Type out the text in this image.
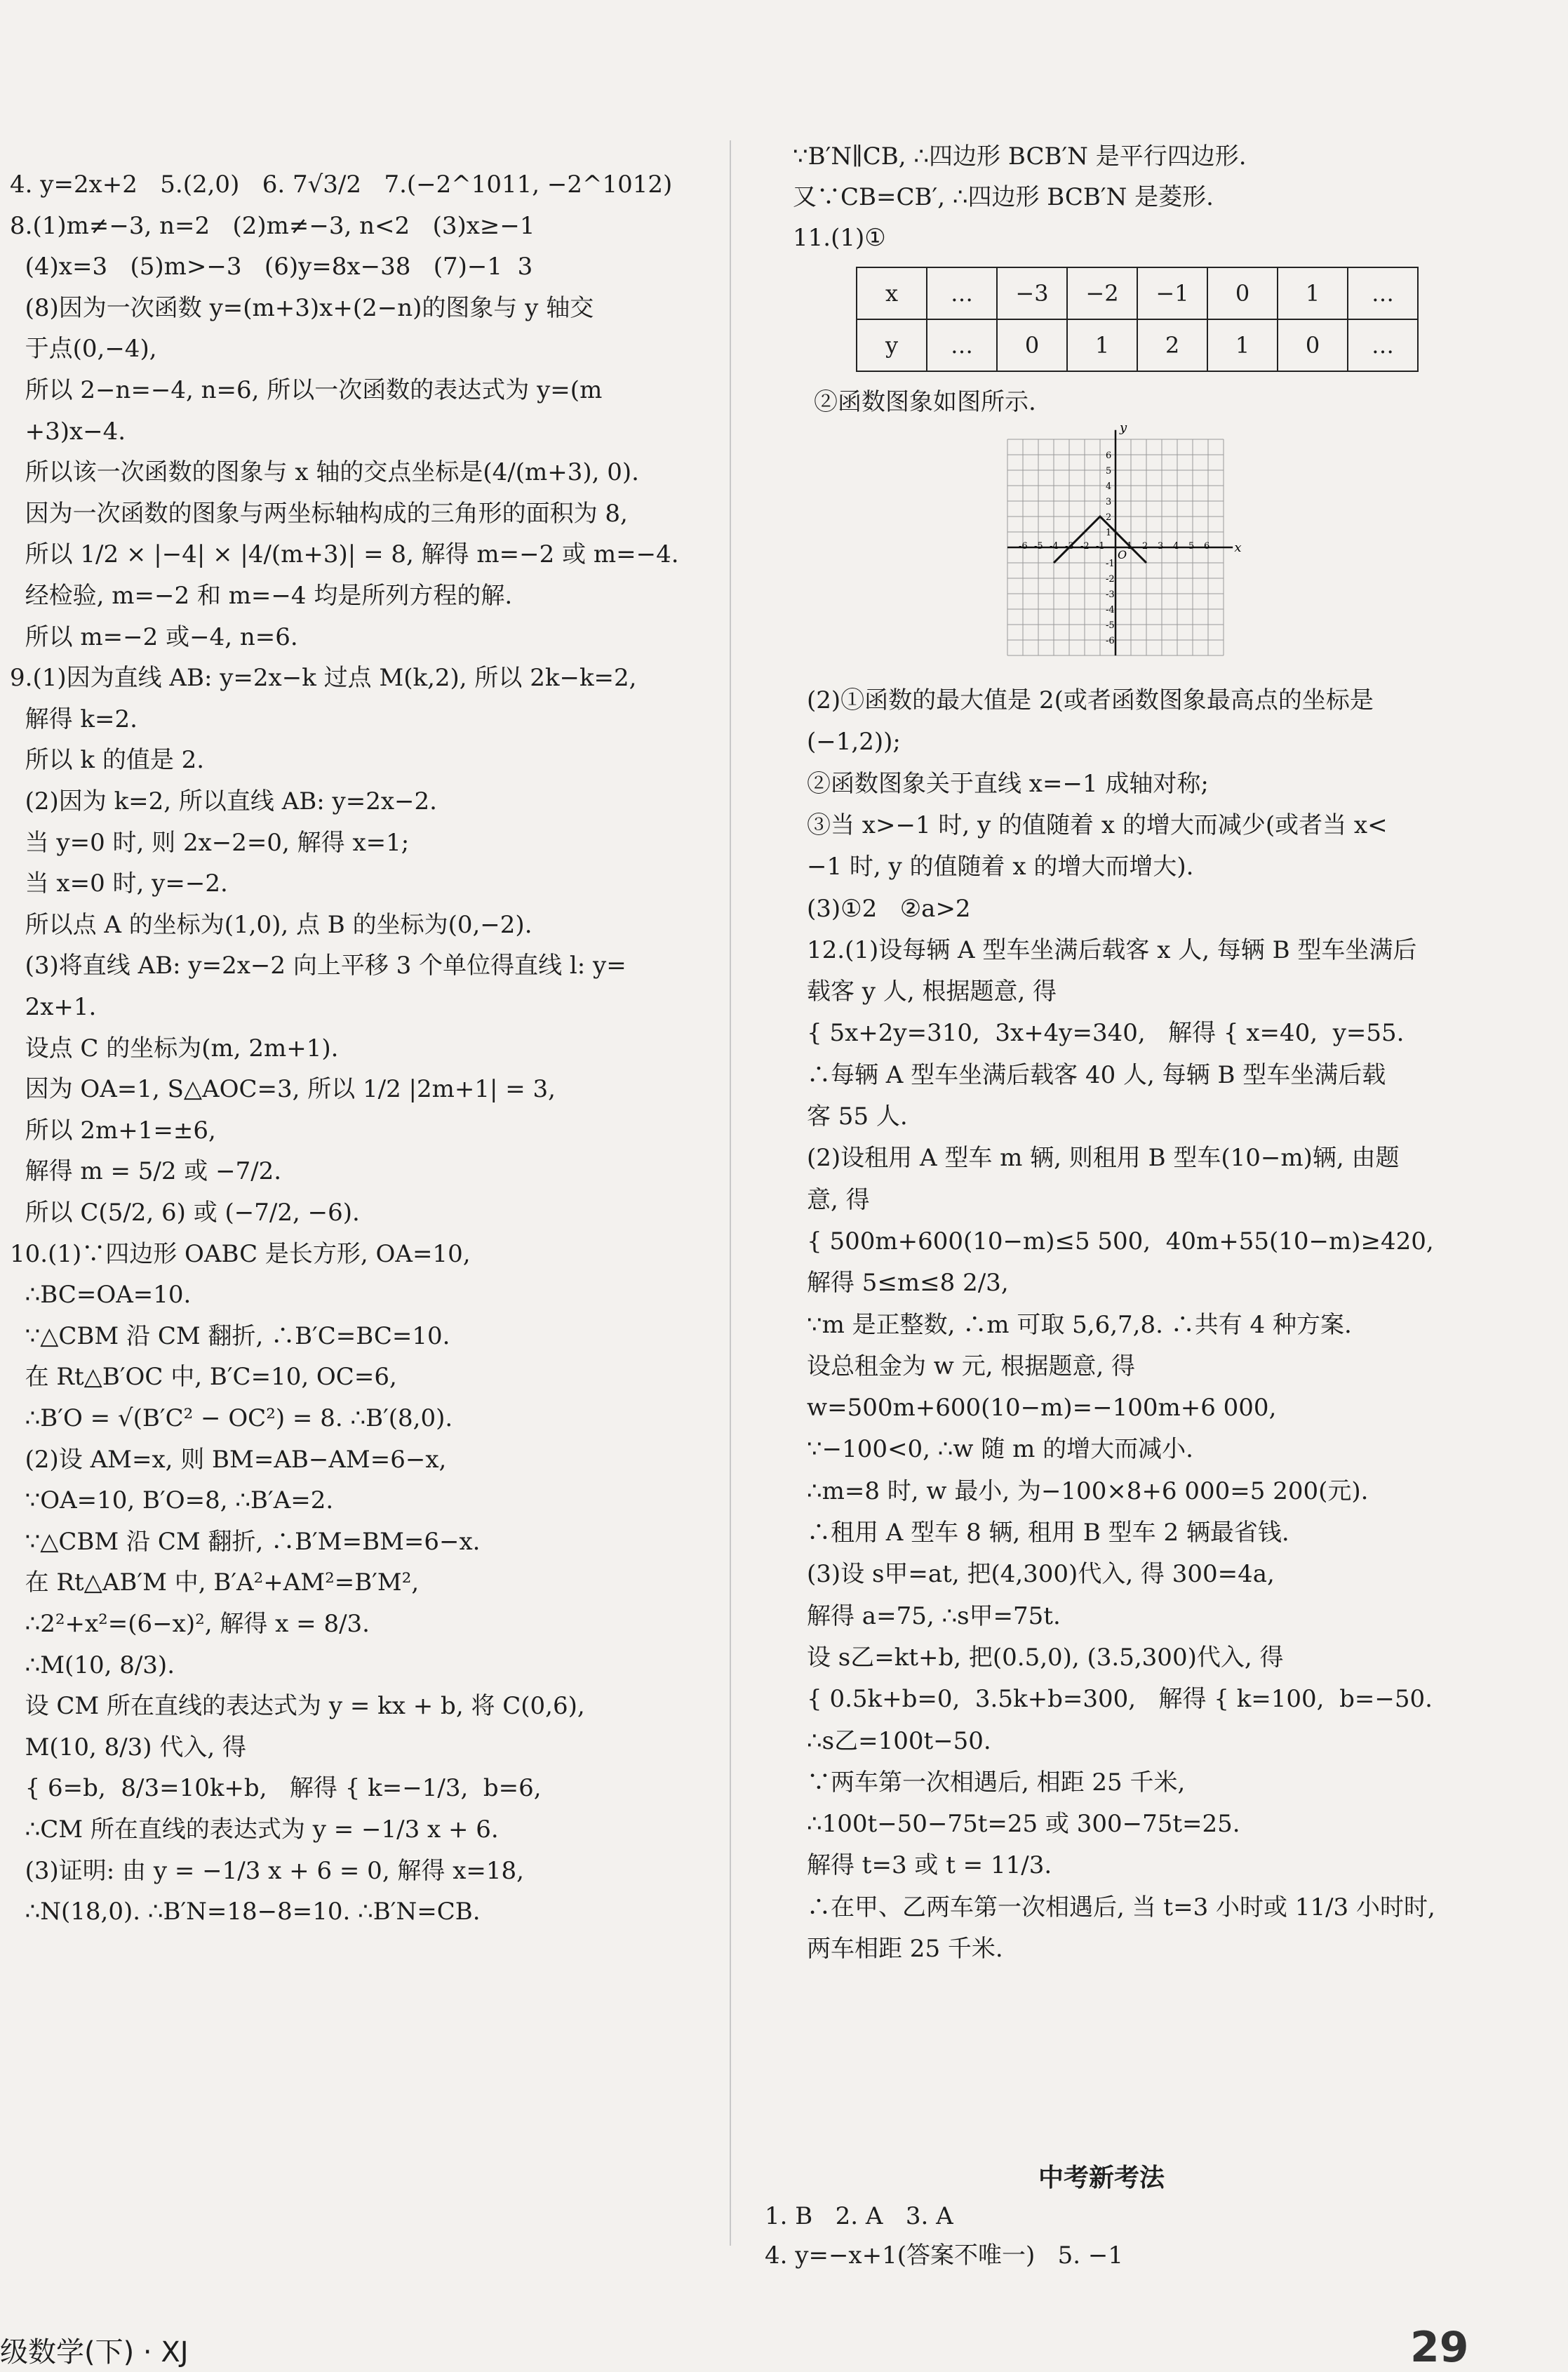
4. y=2x+2   5.(2,0)   6. 7√3/2   7.(−2^1011, −2^1012)
8.(1)m≠−3, n=2   (2)m≠−3, n<2   (3)x≥−1
(4)x=3   (5)m>−3   (6)y=8x−38   (7)−1  3
(8)因为一次函数 y=(m+3)x+(2−n)的图象与 y 轴交
于点(0,−4),
所以 2−n=−4, n=6, 所以一次函数的表达式为 y=(m
+3)x−4.
所以该一次函数的图象与 x 轴的交点坐标是(4/(m+3), 0).
因为一次函数的图象与两坐标轴构成的三角形的面积为 8,
所以 1/2 × |−4| × |4/(m+3)| = 8, 解得 m=−2 或 m=−4.
经检验, m=−2 和 m=−4 均是所列方程的解.
所以 m=−2 或−4, n=6.
9.(1)因为直线 AB: y=2x−k 过点 M(k,2), 所以 2k−k=2,
解得 k=2.
所以 k 的值是 2.
(2)因为 k=2, 所以直线 AB: y=2x−2.
当 y=0 时, 则 2x−2=0, 解得 x=1;
当 x=0 时, y=−2.
所以点 A 的坐标为(1,0), 点 B 的坐标为(0,−2).
(3)将直线 AB: y=2x−2 向上平移 3 个单位得直线 l: y=
2x+1.
设点 C 的坐标为(m, 2m+1).
因为 OA=1, S△AOC=3, 所以 1/2 |2m+1| = 3,
所以 2m+1=±6,
解得 m = 5/2 或 −7/2.
所以 C(5/2, 6) 或 (−7/2, −6).
10.(1)∵四边形 OABC 是长方形, OA=10,
∴BC=OA=10.
∵△CBM 沿 CM 翻折, ∴B′C=BC=10.
在 Rt△B′OC 中, B′C=10, OC=6,
∴B′O = √(B′C² − OC²) = 8. ∴B′(8,0).
(2)设 AM=x, 则 BM=AB−AM=6−x,
∵OA=10, B′O=8, ∴B′A=2.
∵△CBM 沿 CM 翻折, ∴B′M=BM=6−x.
在 Rt△AB′M 中, B′A²+AM²=B′M²,
∴2²+x²=(6−x)², 解得 x = 8/3.
∴M(10, 8/3).
设 CM 所在直线的表达式为 y = kx + b, 将 C(0,6),
M(10, 8/3) 代入, 得
{ 6=b,  8/3=10k+b,   解得 { k=−1/3,  b=6,
∴CM 所在直线的表达式为 y = −1/3 x + 6.
(3)证明: 由 y = −1/3 x + 6 = 0, 解得 x=18,
∴N(18,0). ∴B′N=18−8=10. ∴B′N=CB.
∵B′N∥CB, ∴四边形 BCB′N 是平行四边形.
又∵CB=CB′, ∴四边形 BCB′N 是菱形.
11.(1)①
②函数图象如图所示.
(2)①函数的最大值是 2(或者函数图象最高点的坐标是
(−1,2));
②函数图象关于直线 x=−1 成轴对称;
③当 x>−1 时, y 的值随着 x 的增大而减少(或者当 x<
−1 时, y 的值随着 x 的增大而增大).
(3)①2   ②a>2
12.(1)设每辆 A 型车坐满后载客 x 人, 每辆 B 型车坐满后
载客 y 人, 根据题意, 得
{ 5x+2y=310,  3x+4y=340,   解得 { x=40,  y=55.
∴每辆 A 型车坐满后载客 40 人, 每辆 B 型车坐满后载
客 55 人.
(2)设租用 A 型车 m 辆, 则租用 B 型车(10−m)辆, 由题
意, 得
{ 500m+600(10−m)≤5 500,  40m+55(10−m)≥420,
解得 5≤m≤8 2/3,
∵m 是正整数, ∴m 可取 5,6,7,8. ∴共有 4 种方案.
设总租金为 w 元, 根据题意, 得
w=500m+600(10−m)=−100m+6 000,
∵−100<0, ∴w 随 m 的增大而减小.
∴m=8 时, w 最小, 为−100×8+6 000=5 200(元).
∴租用 A 型车 8 辆, 租用 B 型车 2 辆最省钱.
(3)设 s甲=at, 把(4,300)代入, 得 300=4a,
解得 a=75, ∴s甲=75t.
设 s乙=kt+b, 把(0.5,0), (3.5,300)代入, 得
{ 0.5k+b=0,  3.5k+b=300,   解得 { k=100,  b=−50.
∴s乙=100t−50.
∵两车第一次相遇后, 相距 25 千米,
∴100t−50−75t=25 或 300−75t=25.
解得 t=3 或 t = 11/3.
∴在甲、乙两车第一次相遇后, 当 t=3 小时或 11/3 小时时,
两车相距 25 千米.
1. B   2. A   3. A
4. y=−x+1(答案不唯一)   5. −1
x	…	−3	−2	−1	0	1	…
y	…	0	1	2	1	0	…
x
y
O
-6 -5 -4 -3 -2 -1 1 2 3 4 5 6
6
5
4
3
2
1
-1
-2
-3
-4
-5
-6
中考新考法
级数学(下) · XJ	29
